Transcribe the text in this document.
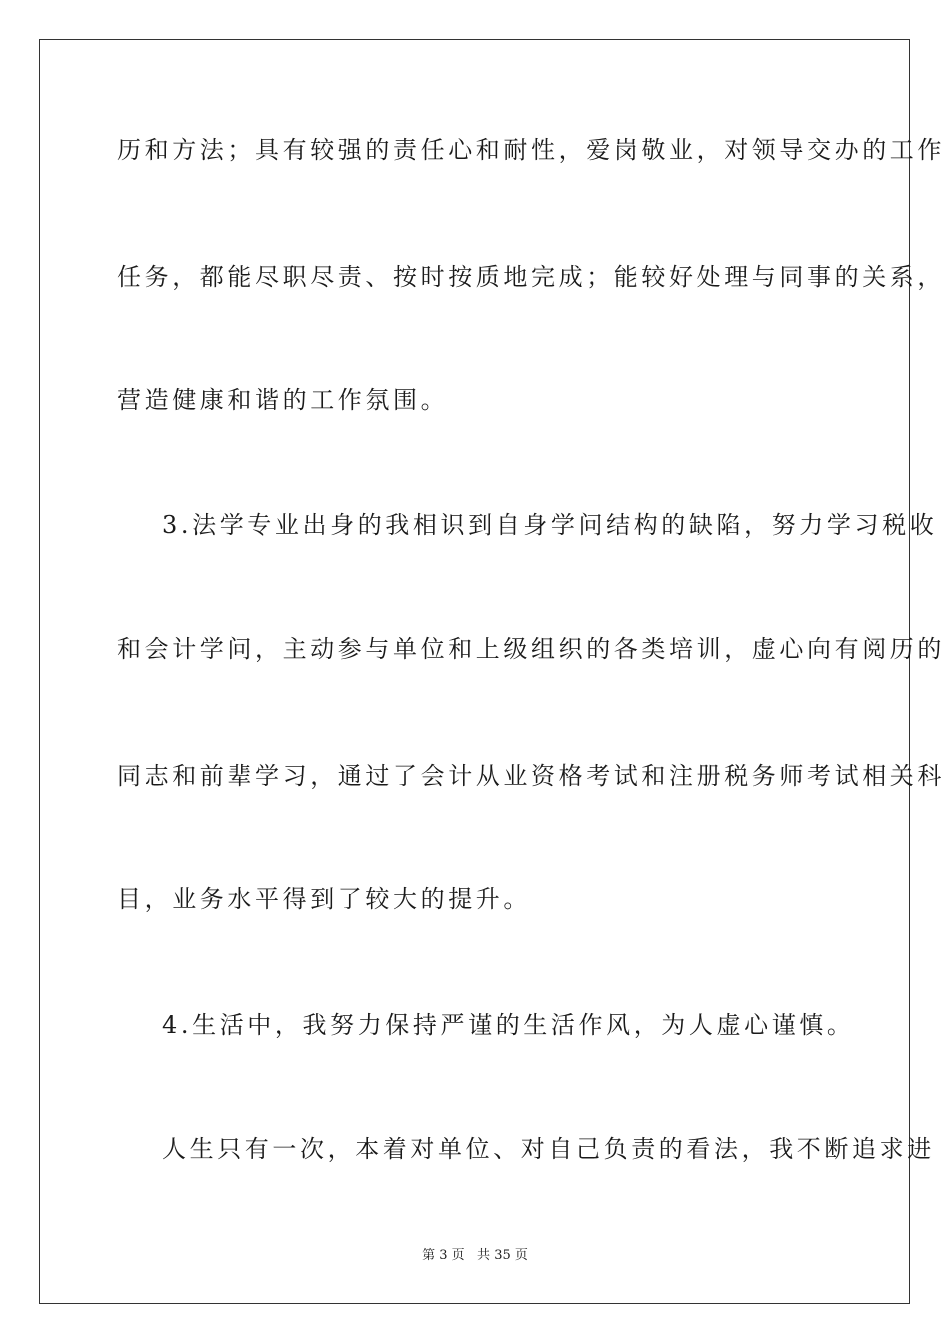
历和方法；具有较强的责任心和耐性，爱岗敬业，对领导交办的工作
任务，都能尽职尽责、按时按质地完成；能较好处理与同事的关系，
营造健康和谐的工作氛围。
3.法学专业出身的我相识到自身学问结构的缺陷，努力学习税收
和会计学问，主动参与单位和上级组织的各类培训，虚心向有阅历的
同志和前辈学习，通过了会计从业资格考试和注册税务师考试相关科
目，业务水平得到了较大的提升。
4.生活中，我努力保持严谨的生活作风，为人虚心谨慎。
人生只有一次，本着对单位、对自己负责的看法，我不断追求进
第 3 页   共 35 页
